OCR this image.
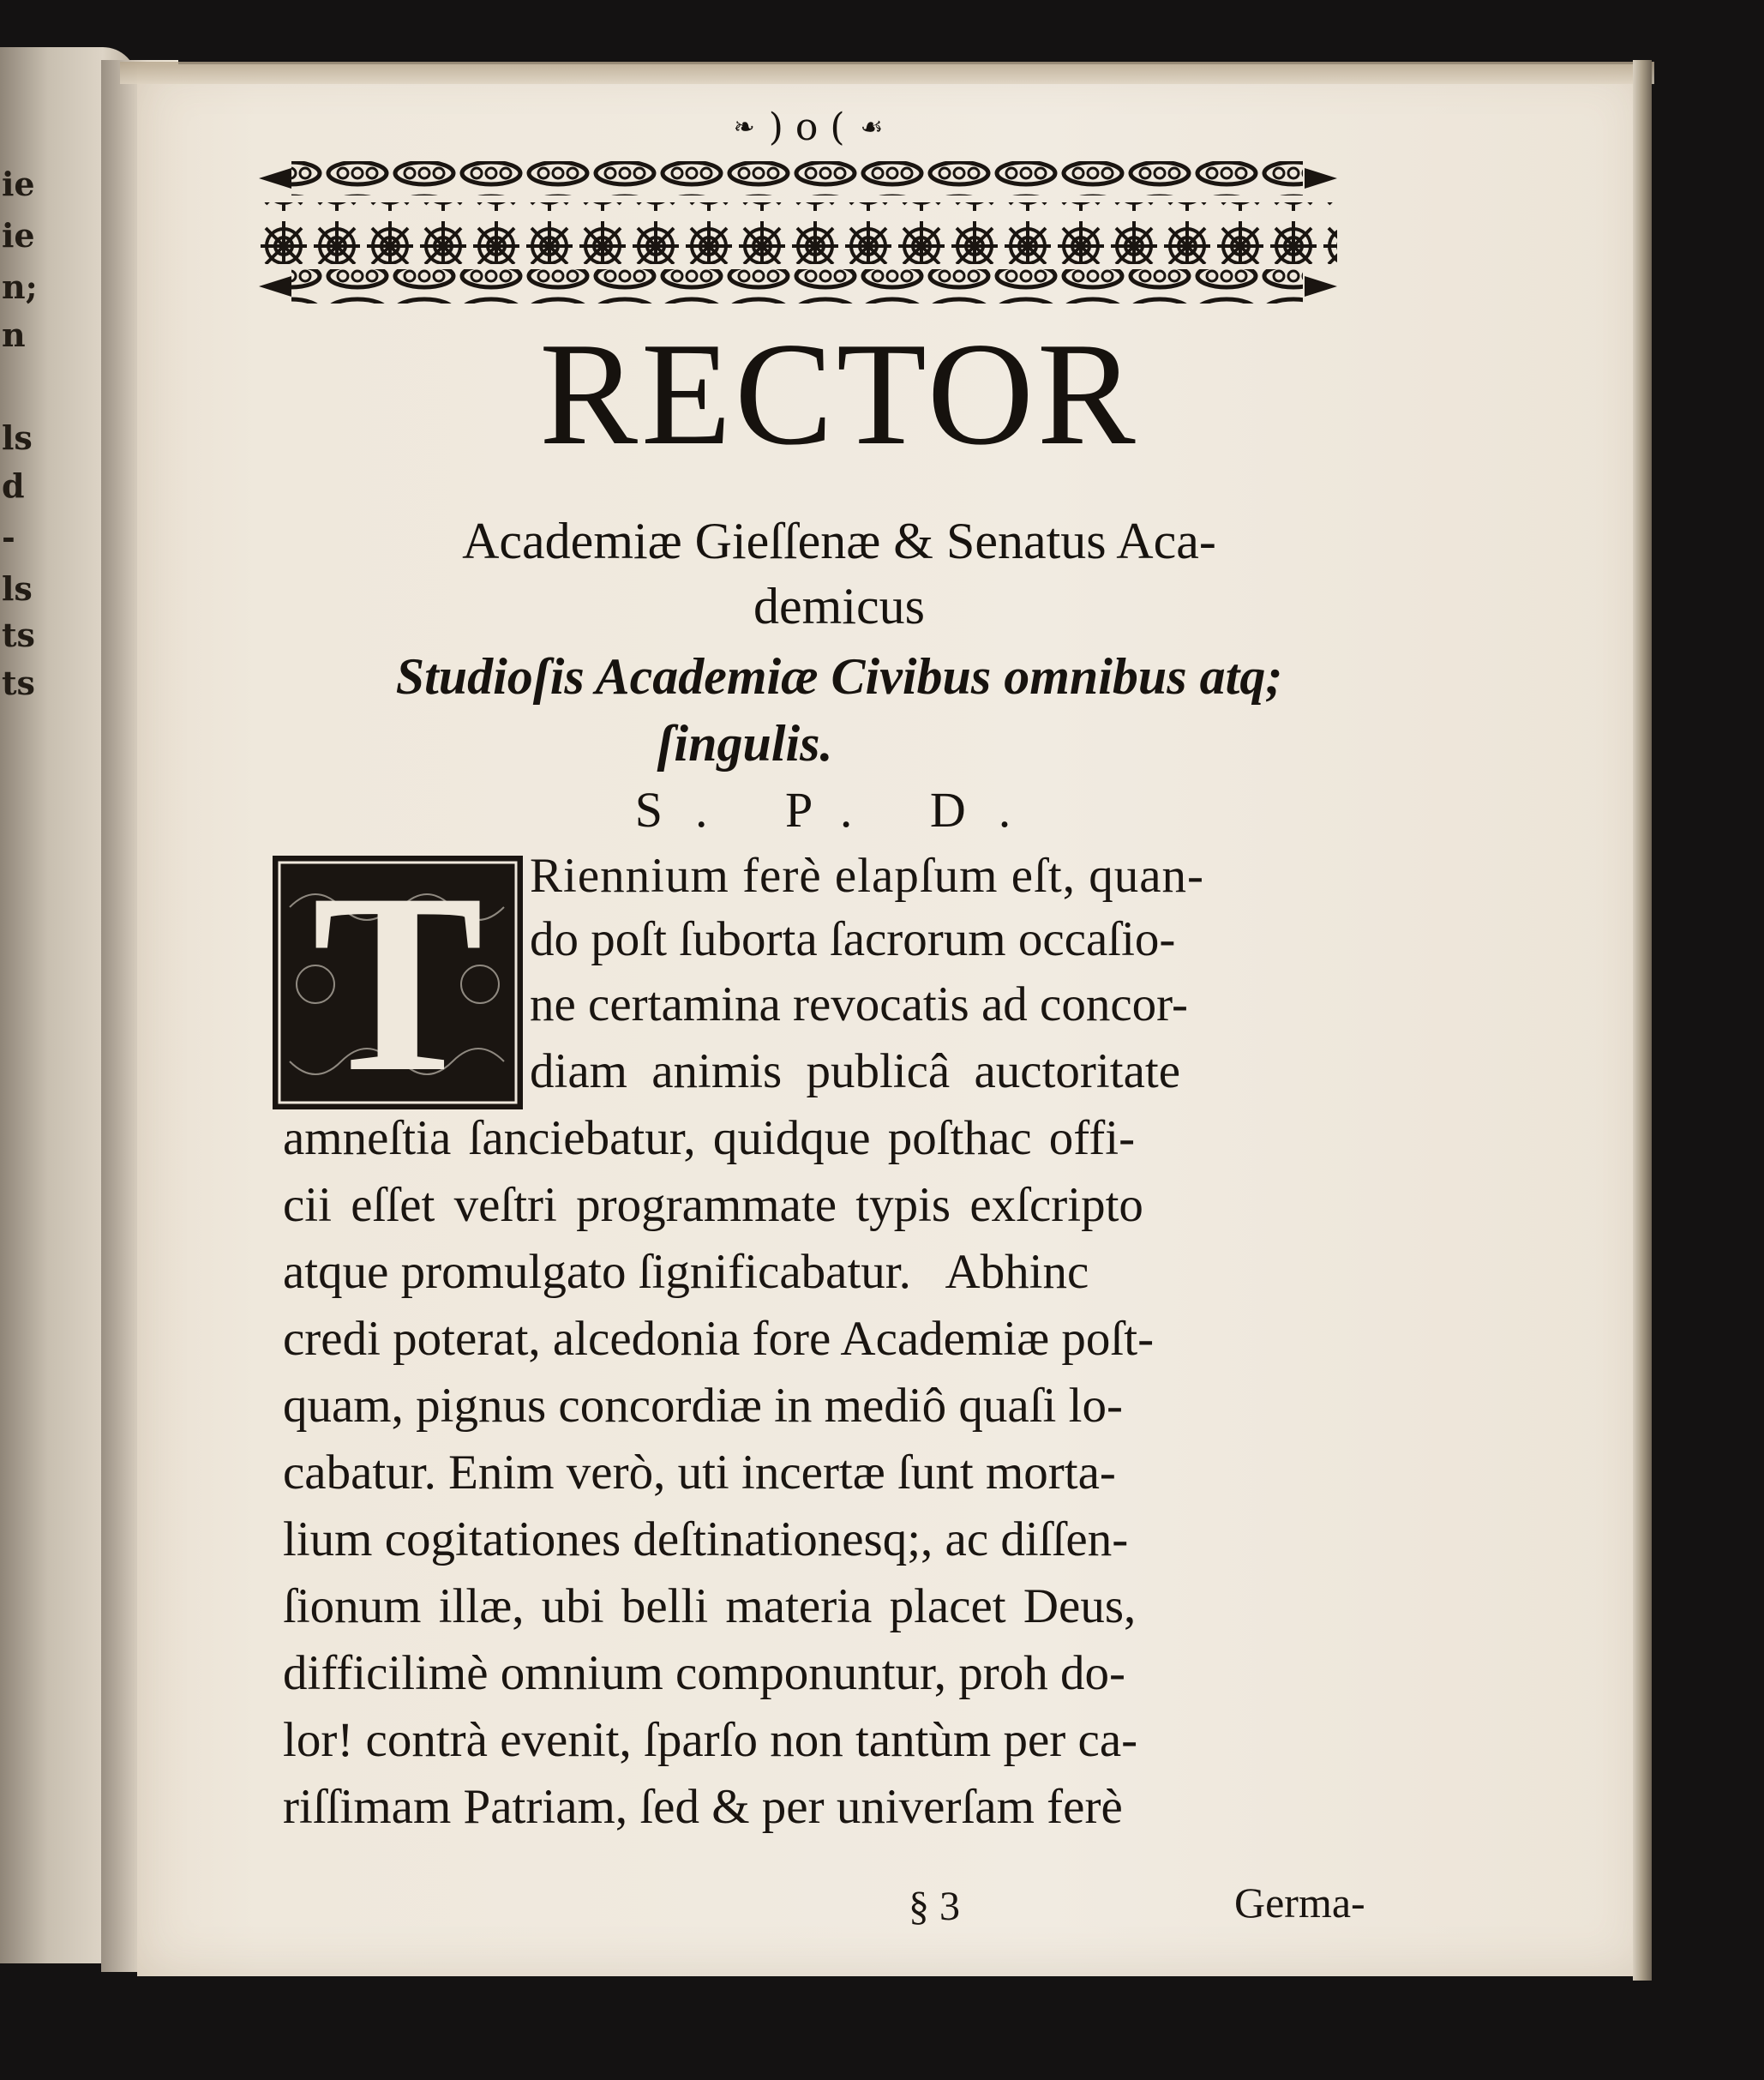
ie
ie
n;
n
ls
d
-
ls
ts
ts
❧ ) o ( ☙
RECTOR
Academiæ Gieſſenæ & Senatus Aca-
demicus
Studioſis Academiæ Civibus omnibus atq;
ſingulis.
S. P. D.
T Riennium ferè elapſum eſt, quan-
do poſt ſuborta ſacrorum occaſio-
ne certamina revocatis ad concor-
diam animis publicâ auctoritate
amneſtia ſanciebatur, quidque poſthac offi-
cii eſſet veſtri programmate typis exſcripto
atque promulgato ſignificabatur.   Abhinc
credi poterat, alcedonia fore Academiæ poſt-
quam, pignus concordiæ in mediô quaſi lo-
cabatur. Enim verò, uti incertæ ſunt morta-
lium cogitationes deſtinationesq;, ac diſſen-
ſionum illæ, ubi belli materia placet Deus,
difficilimè omnium componuntur, proh do-
lor! contrà evenit, ſparſo non tantùm per ca-
riſſimam Patriam, ſed & per univerſam ferè
§ 3	Germa-
